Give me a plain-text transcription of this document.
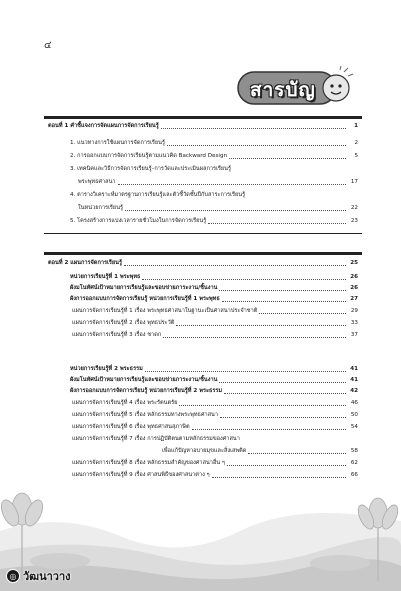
๔
สารบัญ
ตอนที่ 1 คำชี้แจงการจัดแผนการจัดการเรียนรู้	1
1. แนวทางการใช้แผนการจัดการเรียนรู้	2
2. การออกแบบการจัดการเรียนรู้ตามแนวคิด Backward Design	5
3. เทคนิคและวิธีการจัดการเรียนรู้–การวัดและประเมินผลการเรียนรู้
พระพุทธศาสนา	17
4. ตารางวิเคราะห์มาตรฐานการเรียนรู้และตัวชี้วัดชั้นปีกับสาระการเรียนรู้
ในหน่วยการเรียนรู้	22
5. โครงสร้างการแบ่งเวลารายชั่วโมงในการจัดการเรียนรู้	23
ตอนที่ 2 แผนการจัดการเรียนรู้	25
หน่วยการเรียนรู้ที่ 1 พระพุทธ	26
ผังมโนทัศน์เป้าหมายการเรียนรู้และขอบข่ายภาระงาน/ชิ้นงาน	26
ผังการออกแบบการจัดการเรียนรู้ หน่วยการเรียนรู้ที่ 1 พระพุทธ	27
แผนการจัดการเรียนรู้ที่ 1 เรื่อง พระพุทธศาสนาในฐานะเป็นศาสนาประจำชาติ	29
แผนการจัดการเรียนรู้ที่ 2 เรื่อง พุทธประวัติ	33
แผนการจัดการเรียนรู้ที่ 3 เรื่อง ชาดก	37
หน่วยการเรียนรู้ที่ 2 พระธรรม	41
ผังมโนทัศน์เป้าหมายการเรียนรู้และขอบข่ายภาระงาน/ชิ้นงาน	41
ผังการออกแบบการจัดการเรียนรู้ หน่วยการเรียนรู้ที่ 2 พระธรรม	42
แผนการจัดการเรียนรู้ที่ 4 เรื่อง พระรัตนตรัย	46
แผนการจัดการเรียนรู้ที่ 5 เรื่อง หลักธรรมทางพระพุทธศาสนา	50
แผนการจัดการเรียนรู้ที่ 6 เรื่อง พุทธศาสนสุภาษิต	54
แผนการจัดการเรียนรู้ที่ 7 เรื่อง การปฏิบัติตนตามหลักธรรมของศาสนา
เพื่อแก้ปัญหาอบายมุขและสิ่งเสพติด	58
แผนการจัดการเรียนรู้ที่ 8 เรื่อง หลักธรรมสำคัญของศาสนาอื่น ๆ	62
แผนการจัดการเรียนรู้ที่ 9 เรื่อง ศาสนพิธีของศาสนาต่าง ๆ	66
◎ วัฒนาวาง
